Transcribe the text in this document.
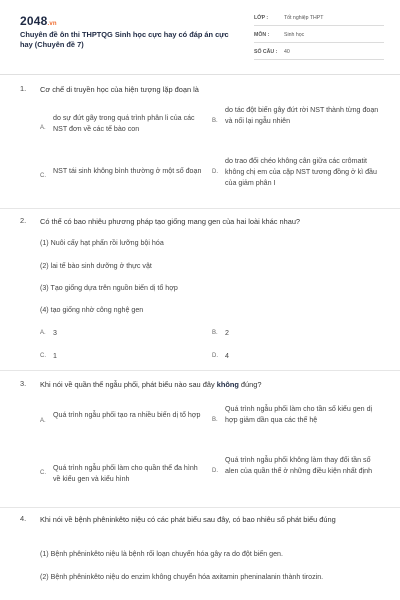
2048.vn
Chuyên đề ôn thi THPTQG Sinh học cực hay có đáp án cực hay (Chuyên đề 7)
LỚP :	Tốt nghiệp THPT
MÔN :	Sinh học
SỐ CÂU : 40
1. Cơ chế di truyền học của hiện tượng lặp đoạn là
A.
do sự đứt gãy trong quá trình phân li của các NST đơn về các tế bào con
B.
do tác đột biến gây đứt rời NST thành từng đoạn và nối lại ngẫu nhiên
C.
NST tái sinh không bình thường ở một số đoạn D.
do trao đổi chéo không cân giữa các crômatit không chị em của cặp NST tương đồng ở kì đầu của giảm phân I
2. Có thể có bao nhiêu phương pháp tạo giống mang gen của hai loài khác nhau?
(1) Nuôi cấy hạt phấn rồi lưỡng bội hóa
(2) lai tế bào sinh dưỡng ở thực vật
(3) Tạo giống dựa trên nguồn biến dị tổ hợp
(4) tạo giống nhờ công nghệ gen
A. 3	B. 2
C. 1	D. 4
3. Khi nói về quần thể ngẫu phối, phát biểu nào sau đây không đúng?
A.
Quá trình ngẫu phối tạo ra nhiều biến dị tổ hợp
B.
Quá trình ngẫu phối làm cho tần số kiểu gen dị hợp giảm dần qua các thế hệ
C.
Quá trình ngẫu phối làm cho quần thể đa hình về kiểu gen và kiểu hình
D.
Quá trình ngẫu phối không làm thay đổi tần số alen của quần thể ở những điều kiện nhất định
4. Khi nói về bệnh phêninkêto niệu có các phát biểu sau đây, có bao nhiêu số phát biểu đúng
(1) Bệnh phêninkêto niệu là bệnh rối loạn chuyển hóa gây ra do đột biến gen.
(2) Bệnh phêninkêto niệu do enzim không chuyển hóa axitamin pheninalanin thành tirozin.
